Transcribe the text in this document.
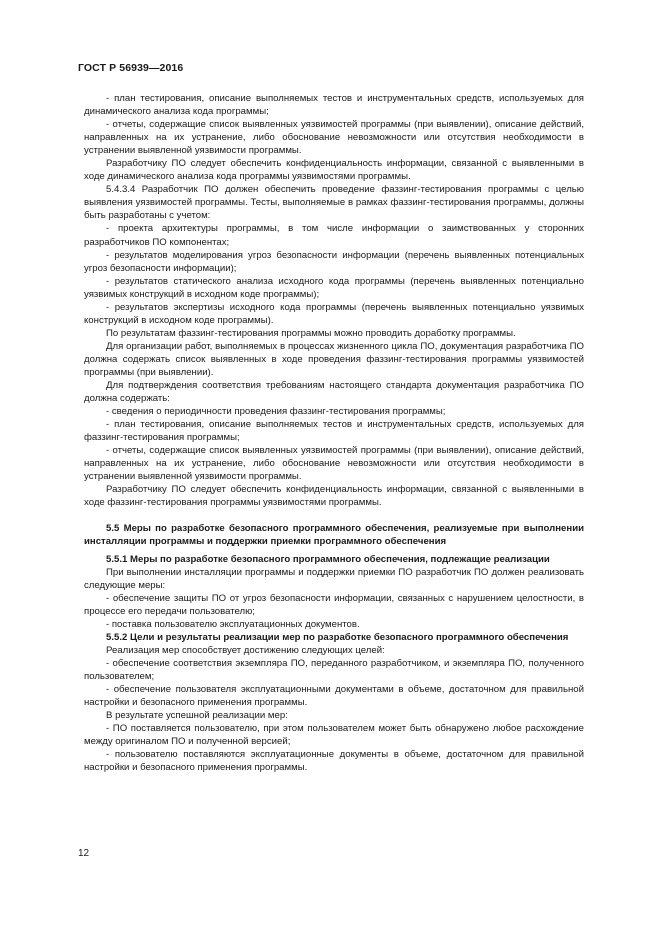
ГОСТ Р 56939—2016

- план тестирования, описание выполняемых тестов и инструментальных средств, используемых для динамического анализа кода программы;

- отчеты, содержащие список выявленных уязвимостей программы (при выявлении), описание действий, направленных на их устранение, либо обоснование невозможности или отсутствия необходимости в устранении выявленной уязвимости программы.

Разработчику ПО следует обеспечить конфиденциальность информации, связанной с выявленными в ходе динамического анализа кода программы уязвимостями программы.

5.4.3.4 Разработчик ПО должен обеспечить проведение фаззинг-тестирования программы с целью выявления уязвимостей программы. Тесты, выполняемые в рамках фаззинг-тестирования программы, должны быть разработаны с учетом:

- проекта архитектуры программы, в том числе информации о заимствованных у сторонних разработчиков ПО компонентах;

- результатов моделирования угроз безопасности информации (перечень выявленных потенциальных угроз безопасности информации);

- результатов статического анализа исходного кода программы (перечень выявленных потенциально уязвимых конструкций в исходном коде программы);

- результатов экспертизы исходного кода программы (перечень выявленных потенциально уязвимых конструкций в исходном коде программы).

По результатам фаззинг-тестирования программы можно проводить доработку программы.

Для организации работ, выполняемых в процессах жизненного цикла ПО, документация разработчика ПО должна содержать список выявленных в ходе проведения фаззинг-тестирования программы уязвимостей программы (при выявлении).

Для подтверждения соответствия требованиям настоящего стандарта документация разработчика ПО должна содержать:

- сведения о периодичности проведения фаззинг-тестирования программы;

- план тестирования, описание выполняемых тестов и инструментальных средств, используемых для фаззинг-тестирования программы;

- отчеты, содержащие список выявленных уязвимостей программы (при выявлении), описание действий, направленных на их устранение, либо обоснование невозможности или отсутствия необходимости в устранении выявленной уязвимости программы.

Разработчику ПО следует обеспечить конфиденциальность информации, связанной с выявленными в ходе фаззинг-тестирования программы уязвимостями программы.

5.5 Меры по разработке безопасного программного обеспечения, реализуемые при выполнении инсталляции программы и поддержки приемки программного обеспечения

5.5.1 Меры по разработке безопасного программного обеспечения, подлежащие реализации

При выполнении инсталляции программы и поддержки приемки ПО разработчик ПО должен реализовать следующие меры:

- обеспечение защиты ПО от угроз безопасности информации, связанных с нарушением целостности, в процессе его передачи пользователю;

- поставка пользователю эксплуатационных документов.

5.5.2 Цели и результаты реализации мер по разработке безопасного программного обеспечения

Реализация мер способствует достижению следующих целей:

- обеспечение соответствия экземпляра ПО, переданного разработчиком, и экземпляра ПО, полученного пользователем;

- обеспечение пользователя эксплуатационными документами в объеме, достаточном для правильной настройки и безопасного применения программы.

В результате успешной реализации мер:

- ПО поставляется пользователю, при этом пользователем может быть обнаружено любое расхождение между оригиналом ПО и полученной версией;

- пользователю поставляются эксплуатационные документы в объеме, достаточном для правильной настройки и безопасного применения программы.

12
